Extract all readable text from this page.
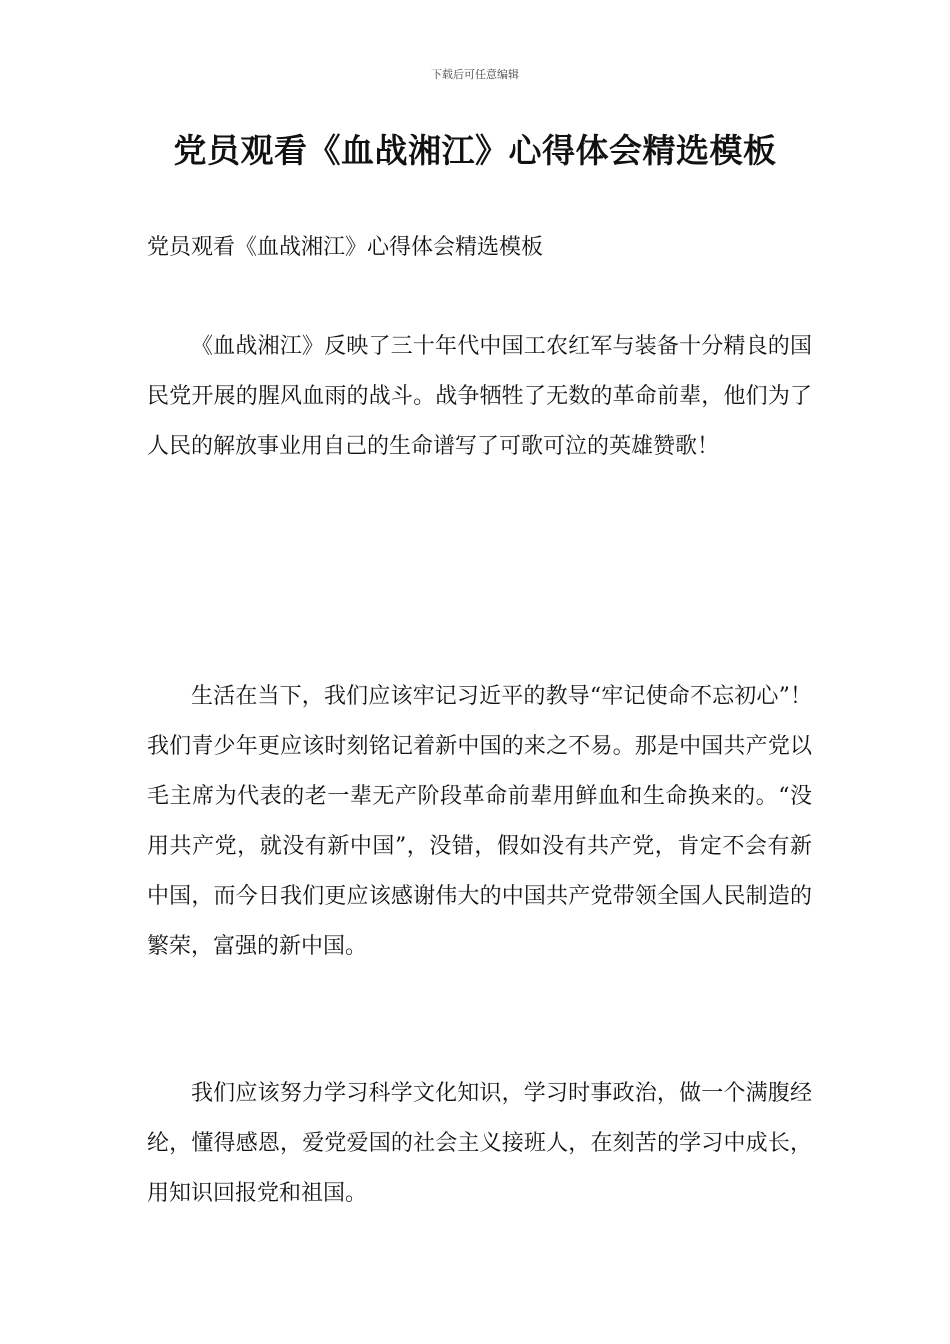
下载后可任意编辑
党员观看《血战湘江》心得体会精选模板

党员观看《血战湘江》心得体会精选模板

《血战湘江》反映了三十年代中国工农红军与装备十分精良的国民党开展的腥风血雨的战斗。战争牺牲了无数的革命前辈，他们为了人民的解放事业用自己的生命谱写了可歌可泣的英雄赞歌！

生活在当下，我们应该牢记习近平的教导“牢记使命不忘初心”！我们青少年更应该时刻铭记着新中国的来之不易。那是中国共产党以毛主席为代表的老一辈无产阶段革命前辈用鲜血和生命换来的。“没用共产党，就没有新中国”，没错，假如没有共产党，肯定不会有新中国，而今日我们更应该感谢伟大的中国共产党带领全国人民制造的繁荣，富强的新中国。

我们应该努力学习科学文化知识，学习时事政治，做一个满腹经纶，懂得感恩，爱党爱国的社会主义接班人，在刻苦的学习中成长，用知识回报党和祖国。
